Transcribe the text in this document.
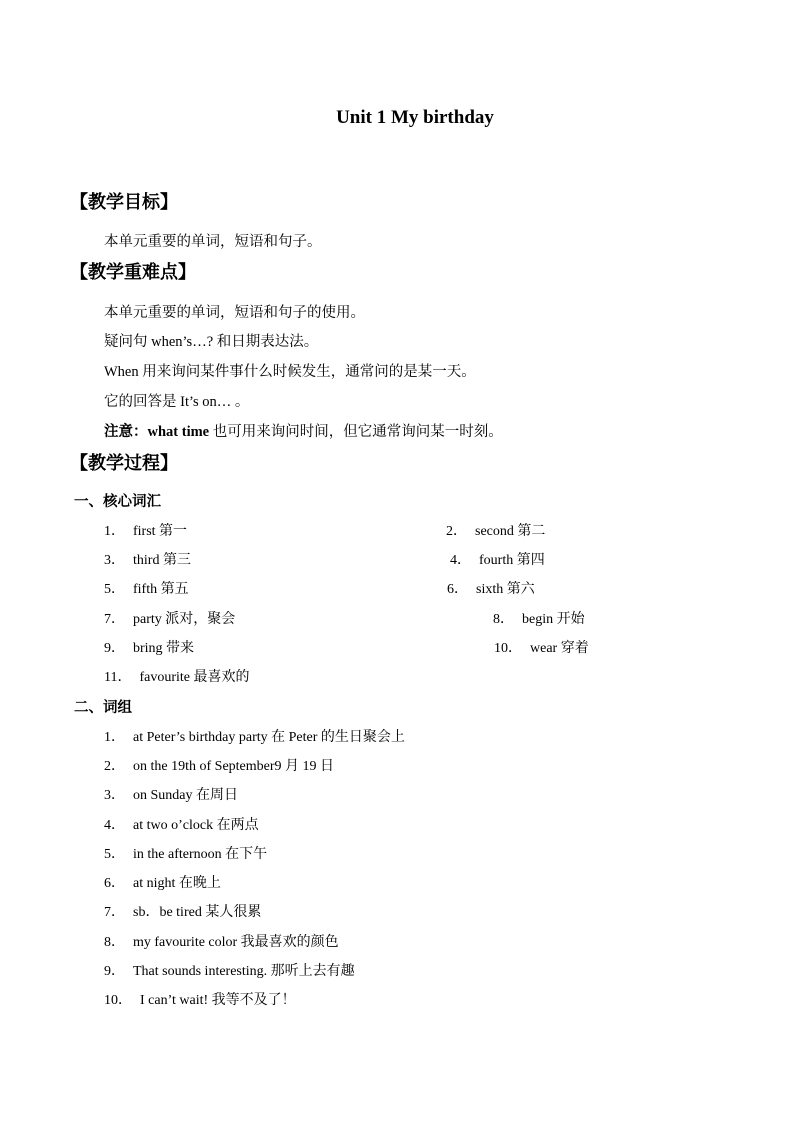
Unit 1 My birthday
【教学目标】
本单元重要的单词，短语和句子。
【教学重难点】
本单元重要的单词，短语和句子的使用。
疑问句 when’s…? 和日期表达法。
When 用来询问某件事什么时候发生，通常问的是某一天。
它的回答是 It’s on… 。
注意：what time 也可用来询问时间，但它通常询问某一时刻。
【教学过程】
一、核心词汇
1． first 第一	2． second 第二
3． third 第三	4． fourth 第四
5． fifth 第五	6． sixth 第六
7． party 派对，聚会	8． begin 开始
9． bring 带来	10． wear 穿着
11． favourite 最喜欢的
二、词组
1． at Peter’s birthday party 在 Peter 的生日聚会上
2． on the 19th of September9 月 19 日
3． on Sunday 在周日
4． at two o’clock 在两点
5． in the afternoon 在下午
6． at night 在晚上
7． sb．be tired 某人很累
8． my favourite color 我最喜欢的颜色
9． That sounds interesting. 那听上去有趣
10． I can’t wait! 我等不及了！
